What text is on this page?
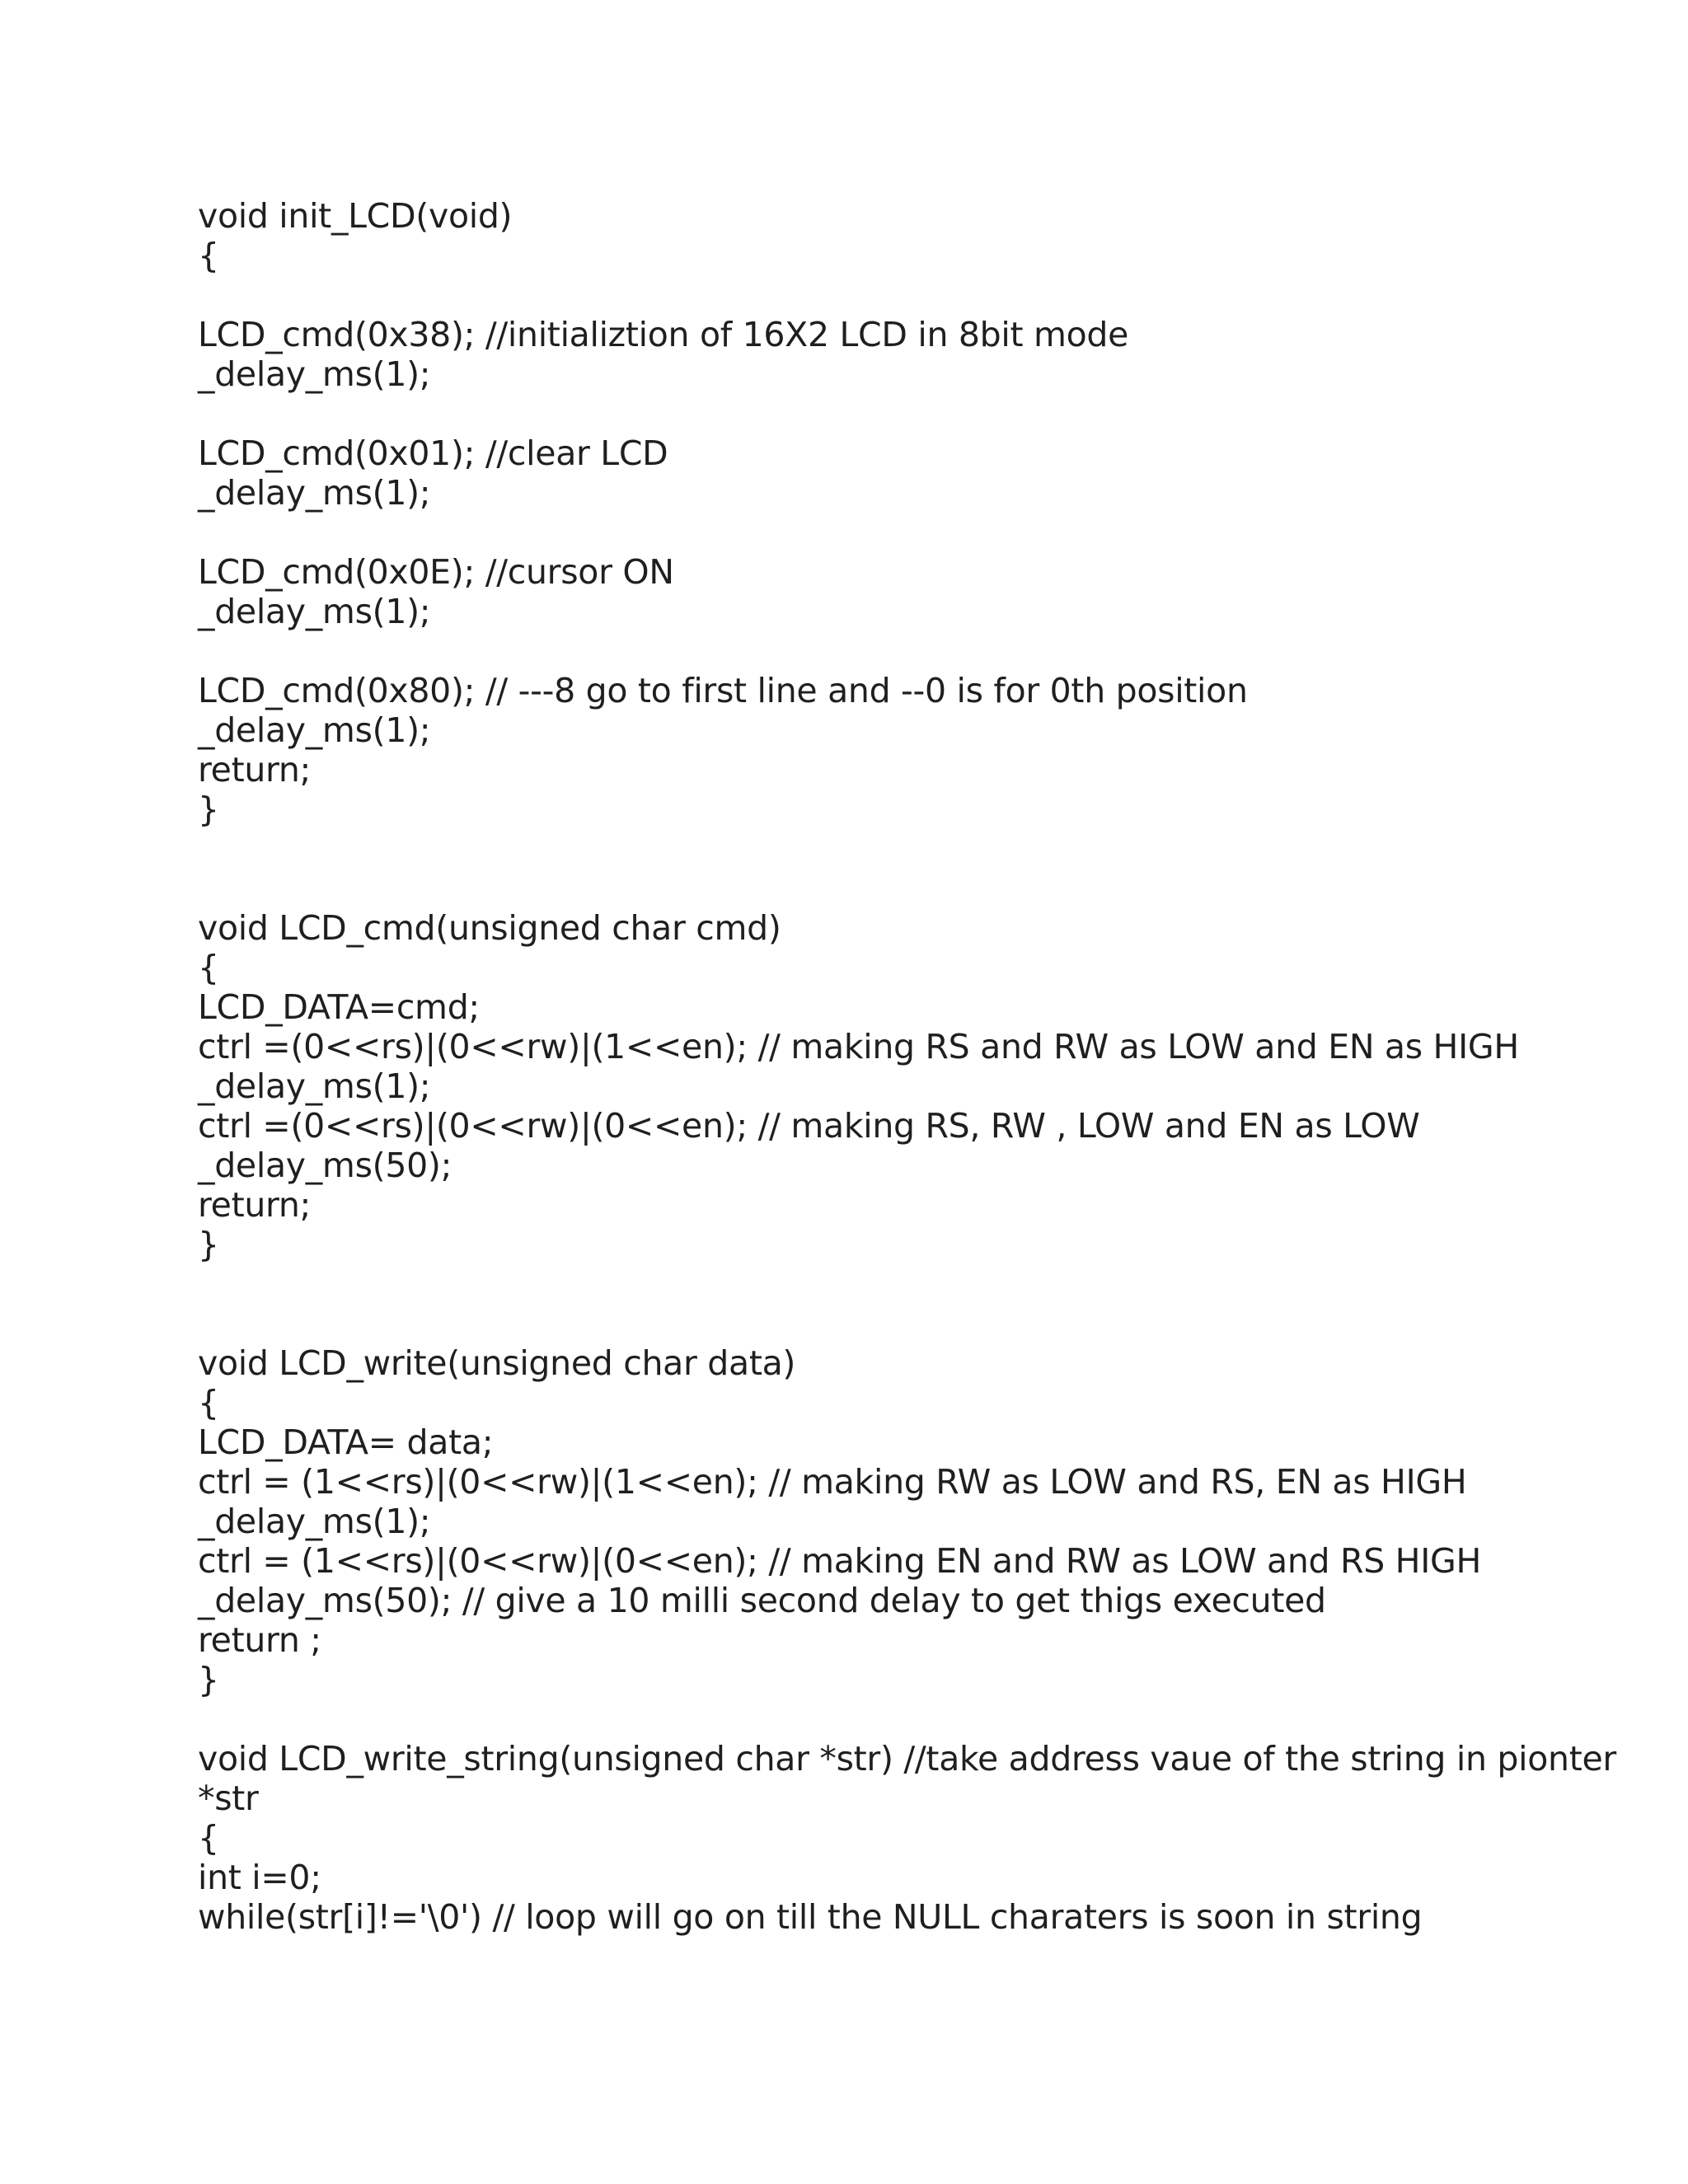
void init_LCD(void)
{
LCD_cmd(0x38); //initializtion of 16X2 LCD in 8bit mode
_delay_ms(1);
LCD_cmd(0x01); //clear LCD
_delay_ms(1);
LCD_cmd(0x0E); //cursor ON
_delay_ms(1);
LCD_cmd(0x80); // ---8 go to first line and --0 is for 0th position
_delay_ms(1);
return;
}
void LCD_cmd(unsigned char cmd)
{
LCD_DATA=cmd;
ctrl =(0<<rs)|(0<<rw)|(1<<en); // making RS and RW as LOW and EN as HIGH
_delay_ms(1);
ctrl =(0<<rs)|(0<<rw)|(0<<en); // making RS, RW , LOW and EN as LOW
_delay_ms(50);
return;
}
void LCD_write(unsigned char data)
{
LCD_DATA= data;
ctrl = (1<<rs)|(0<<rw)|(1<<en); // making RW as LOW and RS, EN as HIGH
_delay_ms(1);
ctrl = (1<<rs)|(0<<rw)|(0<<en); // making EN and RW as LOW and RS HIGH
_delay_ms(50); // give a 10 milli second delay to get thigs executed
return ;
}
void LCD_write_string(unsigned char *str) //take address vaue of the string in pionter
*str
{
int i=0;
while(str[i]!='\0') // loop will go on till the NULL charaters is soon in string
